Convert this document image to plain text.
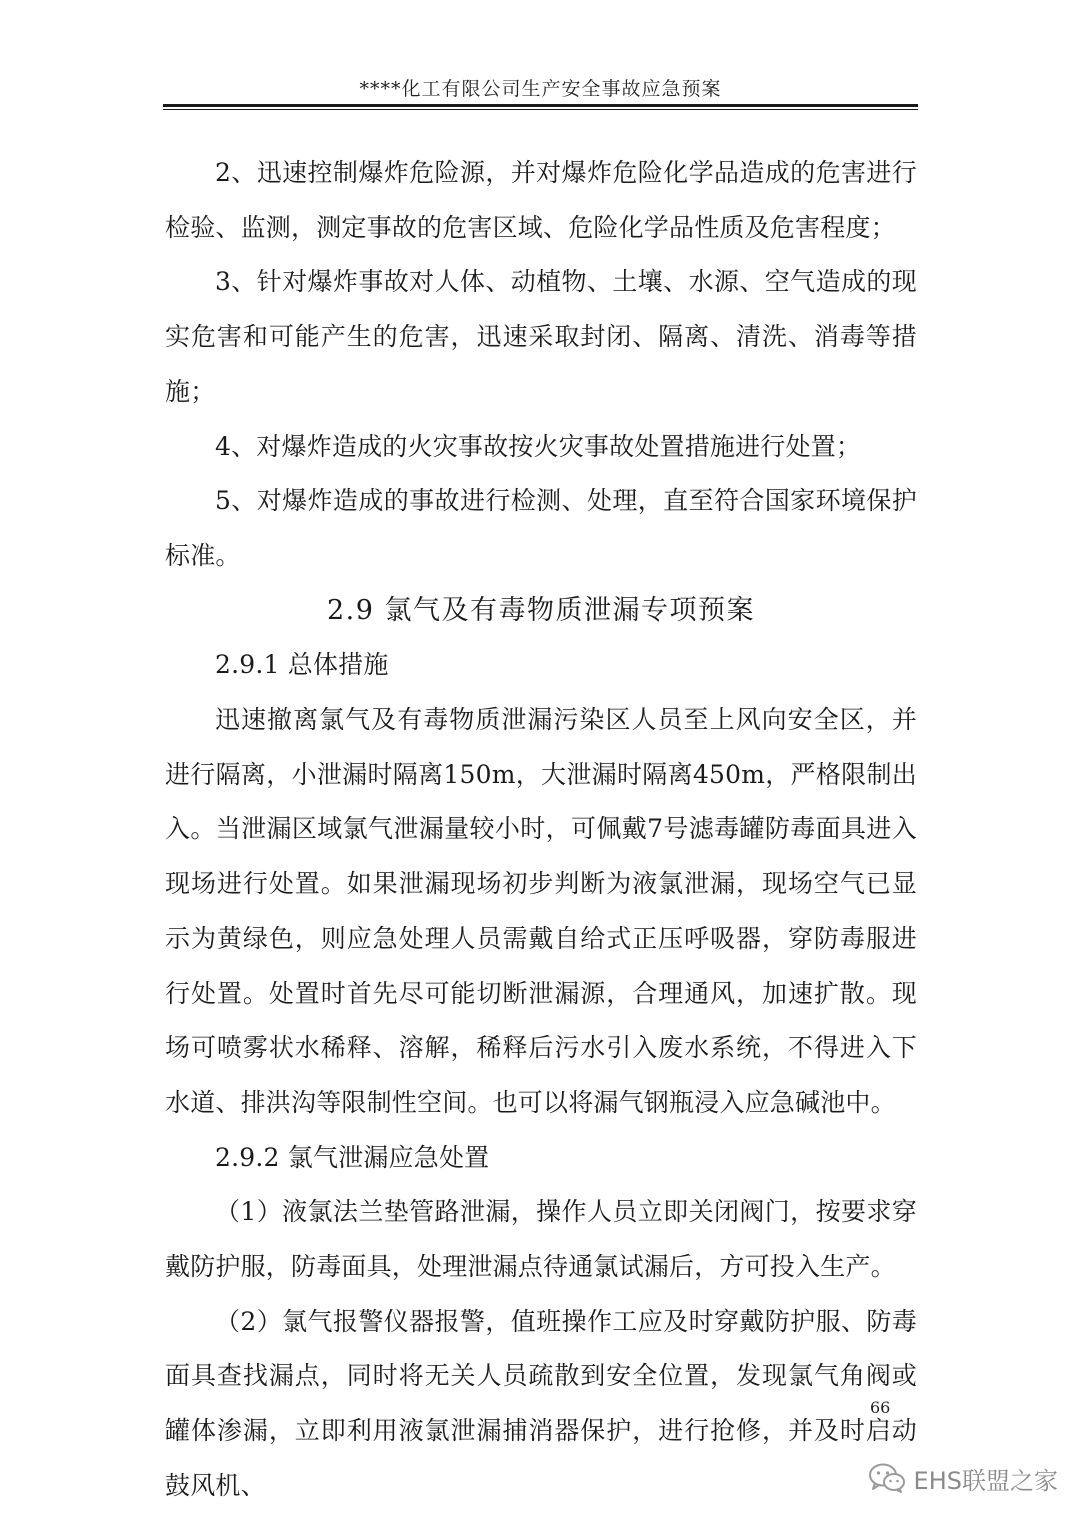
****化工有限公司生产安全事故应急预案

2、迅速控制爆炸危险源，并对爆炸危险化学品造成的危害进行检验、监测，测定事故的危害区域、危险化学品性质及危害程度；

3、针对爆炸事故对人体、动植物、土壤、水源、空气造成的现实危害和可能产生的危害，迅速采取封闭、隔离、清洗、消毒等措施；

4、对爆炸造成的火灾事故按火灾事故处置措施进行处置；

5、对爆炸造成的事故进行检测、处理，直至符合国家环境保护标准。

2.9 氯气及有毒物质泄漏专项预案

2.9.1 总体措施

迅速撤离氯气及有毒物质泄漏污染区人员至上风向安全区，并进行隔离，小泄漏时隔离150m，大泄漏时隔离450m，严格限制出入。当泄漏区域氯气泄漏量较小时，可佩戴7号滤毒罐防毒面具进入现场进行处置。如果泄漏现场初步判断为液氯泄漏，现场空气已显示为黄绿色，则应急处理人员需戴自给式正压呼吸器，穿防毒服进行处置。处置时首先尽可能切断泄漏源，合理通风，加速扩散。现场可喷雾状水稀释、溶解，稀释后污水引入废水系统，不得进入下水道、排洪沟等限制性空间。也可以将漏气钢瓶浸入应急碱池中。

2.9.2 氯气泄漏应急处置

（1）液氯法兰垫管路泄漏，操作人员立即关闭阀门，按要求穿戴防护服，防毒面具，处理泄漏点待通氯试漏后，方可投入生产。

（2）氯气报警仪器报警，值班操作工应及时穿戴防护服、防毒面具查找漏点，同时将无关人员疏散到安全位置，发现氯气角阀或罐体渗漏，立即利用液氯泄漏捕消器保护，进行抢修，并及时启动鼓风机、

66
EHS联盟之家
